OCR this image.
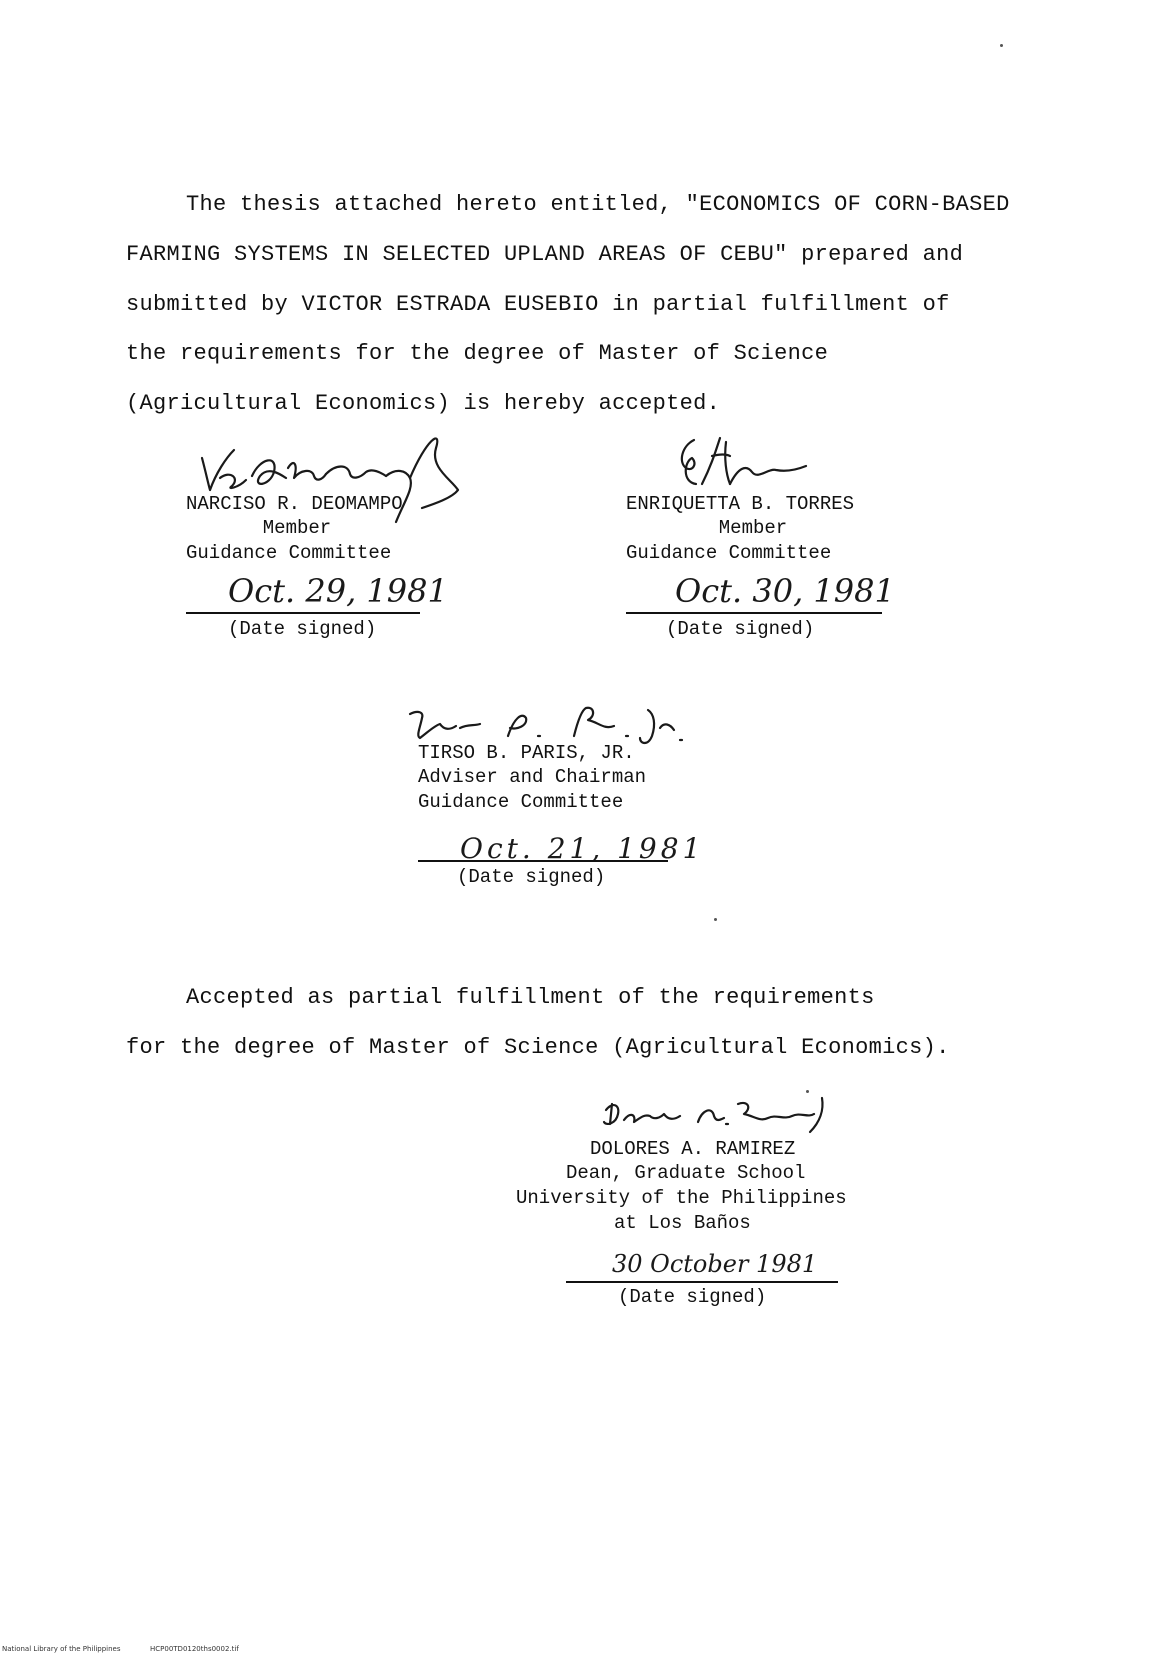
The thesis attached hereto entitled, "ECONOMICS OF CORN-BASED
FARMING SYSTEMS IN SELECTED UPLAND AREAS OF CEBU" prepared and
submitted by VICTOR ESTRADA EUSEBIO in partial fulfillment of
the requirements for the degree of Master of Science
(Agricultural Economics) is hereby accepted.
NARCISO R. DEOMAMPO
Member
Guidance Committee
Oct. 29, 1981
(Date signed)
ENRIQUETTA B. TORRES
Member
Guidance Committee
Oct. 30, 1981
(Date signed)
TIRSO B. PARIS, JR.
Adviser and Chairman
Guidance Committee
Oct. 21, 1981
(Date signed)
Accepted as partial fulfillment of the requirements
for the degree of Master of Science (Agricultural Economics).
DOLORES A. RAMIREZ
Dean, Graduate School
University of the Philippines
at Los Baños
30 October 1981
(Date signed)
National Library of the Philippines	HCP00TD0120ths0002.tif
